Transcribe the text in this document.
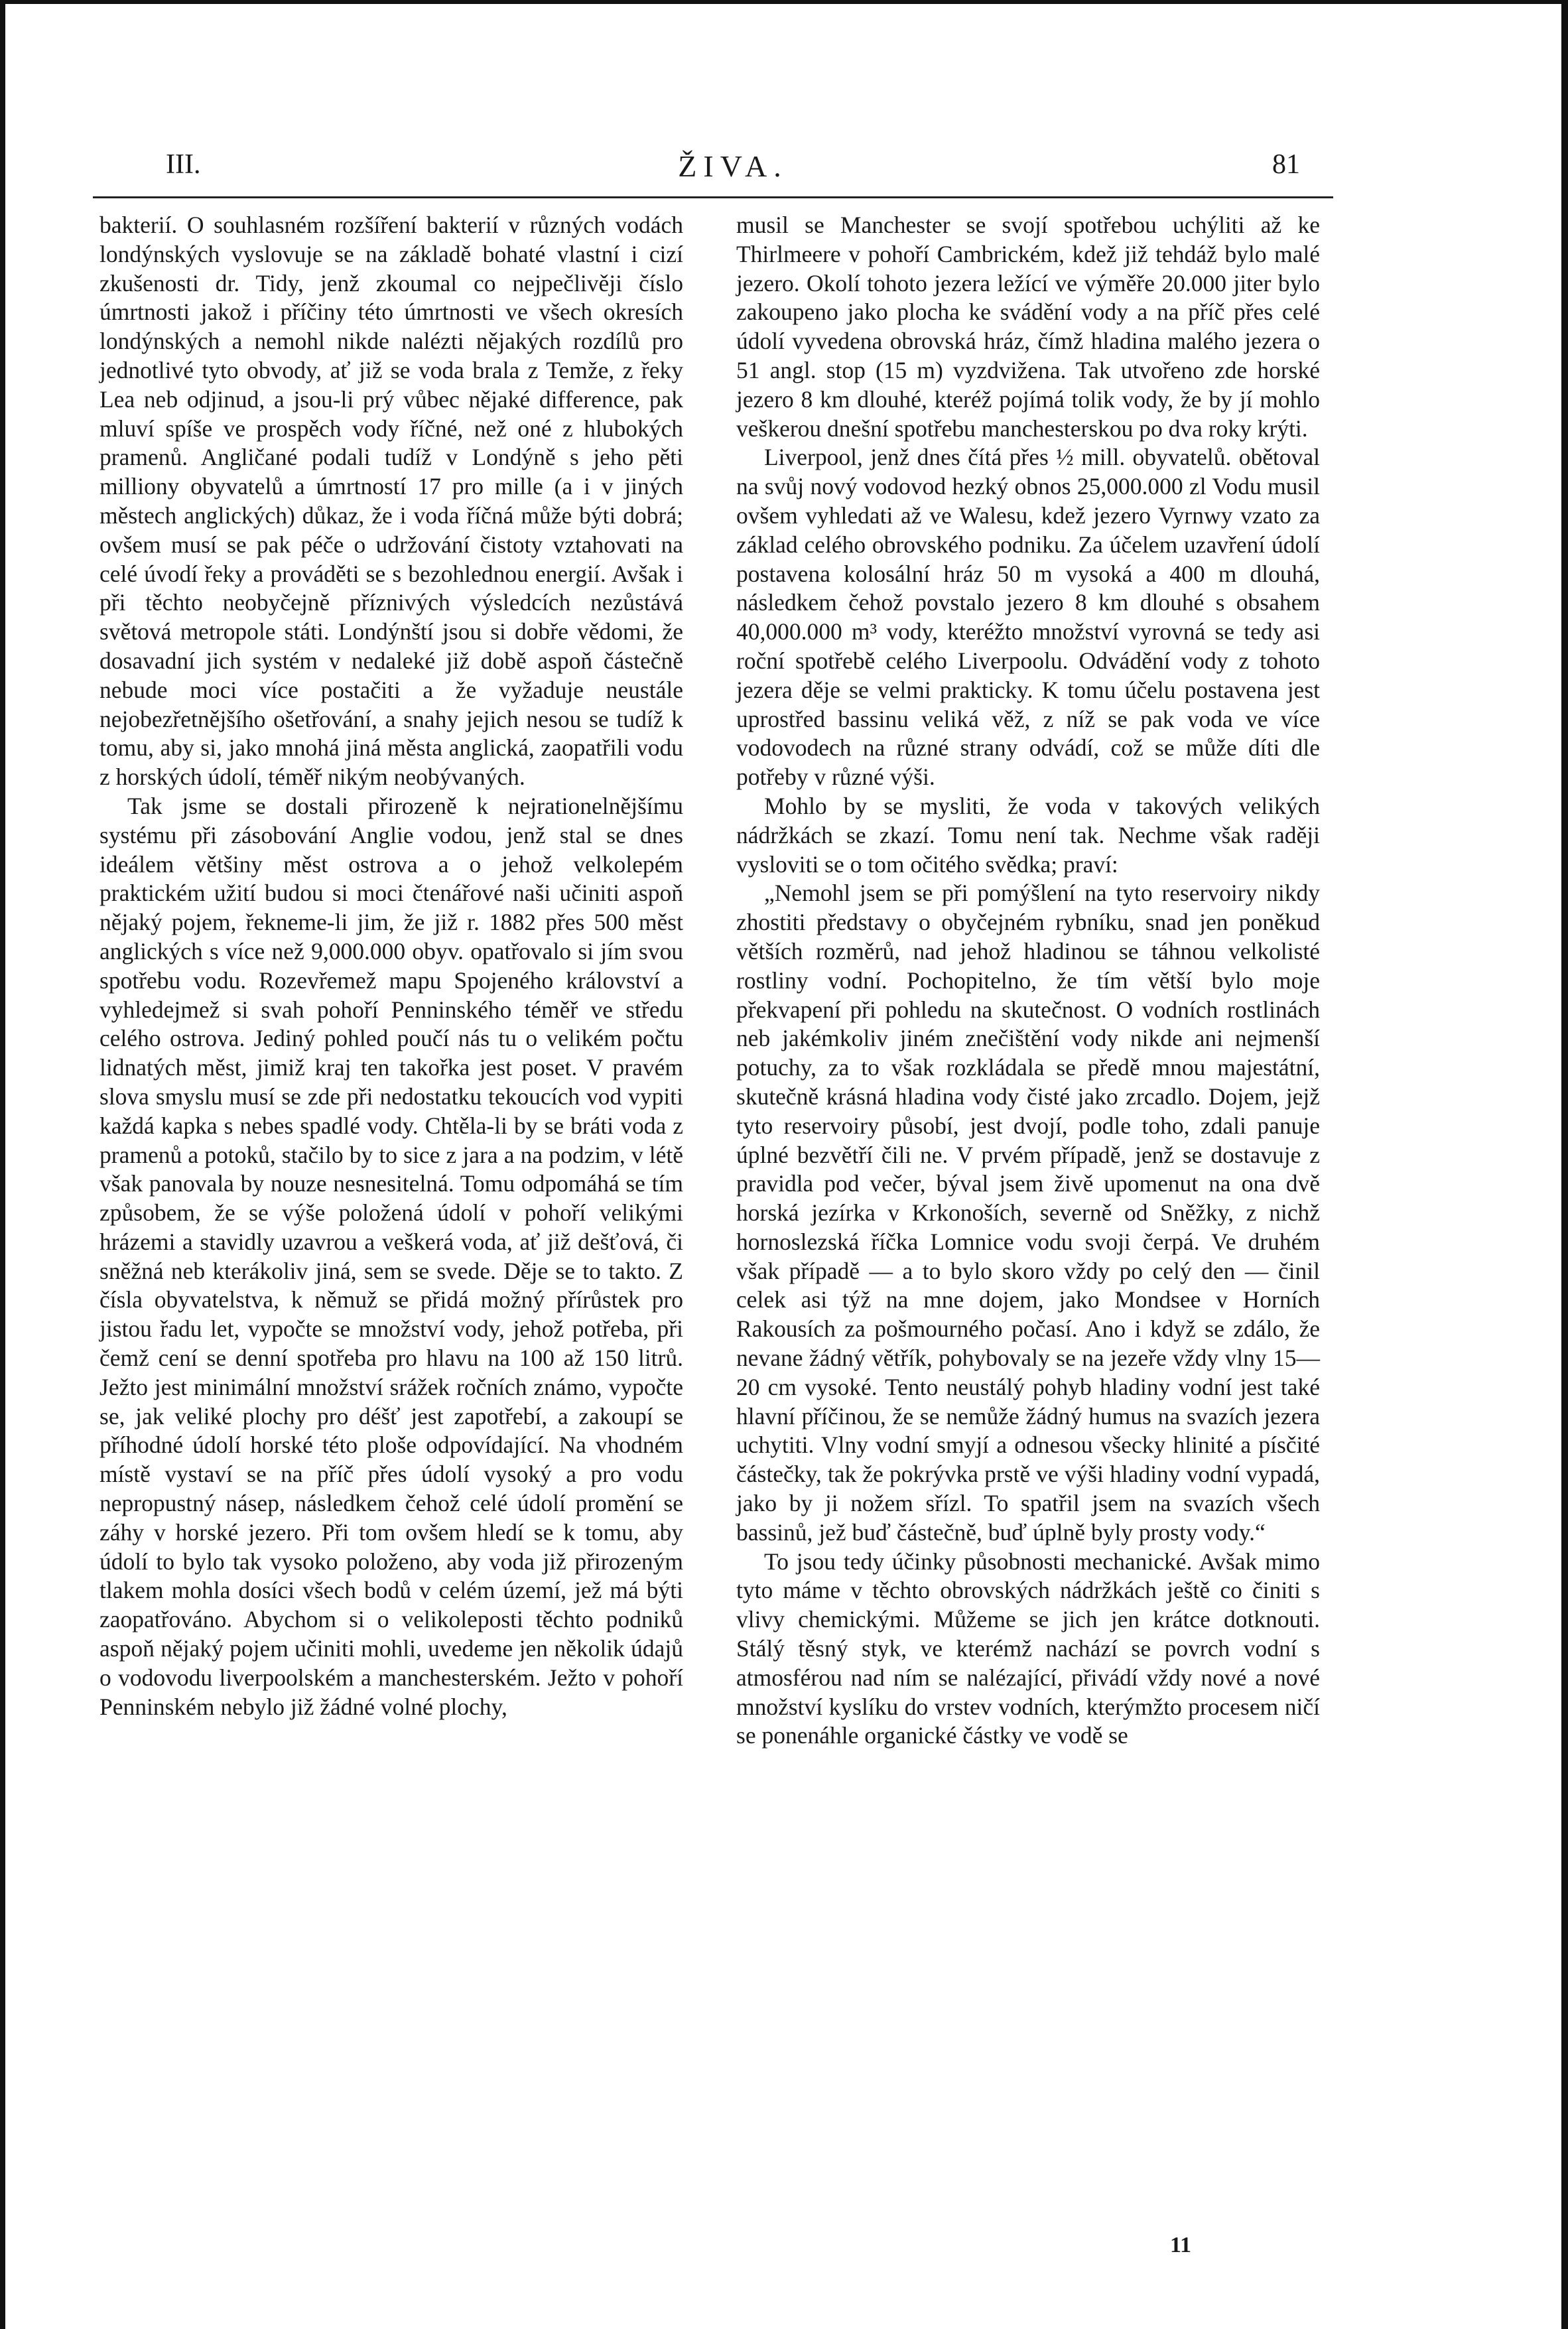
III.	ŽIVA.	81

bakterií. O souhlasném rozšíření bakterií v různých vodách londýnských vyslovuje se na základě bohaté vlastní i cizí zkušenosti dr. Tidy, jenž zkoumal co nejpečlivěji číslo úmrtnosti jakož i příčiny této úmrtnosti ve všech okresích londýnských a nemohl nikde nalézti nějakých rozdílů pro jednotlivé tyto obvody, ať již se voda brala z Temže, z řeky Lea neb odjinud, a jsou-li prý vůbec nějaké difference, pak mluví spíše ve prospěch vody říčné, než oné z hlubokých pramenů. Angličané podali tudíž v Londýně s jeho pěti milliony obyvatelů a úmrtností 17 pro mille (a i v jiných městech anglických) důkaz, že i voda říčná může býti dobrá; ovšem musí se pak péče o udržování čistoty vztahovati na celé úvodí řeky a prováděti se s bezohlednou energií. Avšak i při těchto neobyčejně příznivých výsledcích nezůstává světová metropole státi. Londýnští jsou si dobře vědomi, že dosavadní jich systém v nedaleké již době aspoň částečně nebude moci více postačiti a že vyžaduje neustále nejobezřetnějšího ošetřování, a snahy jejich nesou se tudíž k tomu, aby si, jako mnohá jiná města anglická, zaopatřili vodu z horských údolí, téměř nikým neobývaných.

Tak jsme se dostali přirozeně k nejrationelnějšímu systému při zásobování Anglie vodou, jenž stal se dnes ideálem většiny měst ostrova a o jehož velkolepém praktickém užití budou si moci čtenářové naši učiniti aspoň nějaký pojem, řekneme-li jim, že již r. 1882 přes 500 měst anglických s více než 9,000.000 obyv. opatřovalo si jím svou spotřebu vodu. Rozevřemež mapu Spojeného království a vyhledejmež si svah pohoří Penninského téměř ve středu celého ostrova. Jediný pohled poučí nás tu o velikém počtu lidnatých měst, jimiž kraj ten takořka jest poset. V pravém slova smyslu musí se zde při nedostatku tekoucích vod vypiti každá kapka s nebes spadlé vody. Chtěla-li by se bráti voda z pramenů a potoků, stačilo by to sice z jara a na podzim, v létě však panovala by nouze nesnesitelná. Tomu odpomáhá se tím způsobem, že se výše položená údolí v pohoří velikými hrázemi a stavidly uzavrou a veškerá voda, ať již dešťová, či sněžná neb kterákoliv jiná, sem se svede. Děje se to takto. Z čísla obyvatelstva, k němuž se přidá možný přírůstek pro jistou řadu let, vypočte se množství vody, jehož potřeba, při čemž cení se denní spotřeba pro hlavu na 100 až 150 litrů. Ježto jest minimální množství srážek ročních známo, vypočte se, jak veliké plochy pro déšť jest zapotřebí, a zakoupí se příhodné údolí horské této ploše odpovídající. Na vhodném místě vystaví se na příč přes údolí vysoký a pro vodu nepropustný násep, následkem čehož celé údolí promění se záhy v horské jezero. Při tom ovšem hledí se k tomu, aby údolí to bylo tak vysoko položeno, aby voda již přirozeným tlakem mohla dosíci všech bodů v celém území, jež má býti zaopatřováno. Abychom si o velikoleposti těchto podniků aspoň nějaký pojem učiniti mohli, uvedeme jen několik údajů o vodovodu liverpoolském a manchesterském. Ježto v pohoří Penninském nebylo již žádné volné plochy,

musil se Manchester se svojí spotřebou uchýliti až ke Thirlmeere v pohoří Cambrickém, kdež již tehdáž bylo malé jezero. Okolí tohoto jezera ležící ve výměře 20.000 jiter bylo zakoupeno jako plocha ke svádění vody a na příč přes celé údolí vyvedena obrovská hráz, čímž hladina malého jezera o 51 angl. stop (15 m) vyzdvižena. Tak utvořeno zde horské jezero 8 km dlouhé, kteréž pojímá tolik vody, že by jí mohlo veškerou dnešní spotřebu manchesterskou po dva roky krýti.

Liverpool, jenž dnes čítá přes ½ mill. obyvatelů. obětoval na svůj nový vodovod hezký obnos 25,000.000 zl Vodu musil ovšem vyhledati až ve Walesu, kdež jezero Vyrnwy vzato za základ celého obrovského podniku. Za účelem uzavření údolí postavena kolosální hráz 50 m vysoká a 400 m dlouhá, následkem čehož povstalo jezero 8 km dlouhé s obsahem 40,000.000 m³ vody, kteréžto množství vyrovná se tedy asi roční spotřebě celého Liverpoolu. Odvádění vody z tohoto jezera děje se velmi prakticky. K tomu účelu postavena jest uprostřed bassinu veliká věž, z níž se pak voda ve více vodovodech na různé strany odvádí, což se může díti dle potřeby v různé výši.

Mohlo by se mysliti, že voda v takových velikých nádržkách se zkazí. Tomu není tak. Nechme však raději vysloviti se o tom očitého svědka; praví:

„Nemohl jsem se při pomýšlení na tyto reservoiry nikdy zhostiti představy o obyčejném rybníku, snad jen poněkud větších rozměrů, nad jehož hladinou se táhnou velkolisté rostliny vodní. Pochopitelno, že tím větší bylo moje překvapení při pohledu na skutečnost. O vodních rostlinách neb jakémkoliv jiném znečištění vody nikde ani nejmenší potuchy, za to však rozkládala se předě mnou majestátní, skutečně krásná hladina vody čisté jako zrcadlo. Dojem, jejž tyto reservoiry působí, jest dvojí, podle toho, zdali panuje úplné bezvětří čili ne. V prvém případě, jenž se dostavuje z pravidla pod večer, býval jsem živě upomenut na ona dvě horská jezírka v Krkonoších, severně od Sněžky, z nichž hornoslezská říčka Lomnice vodu svoji čerpá. Ve druhém však případě — a to bylo skoro vždy po celý den — činil celek asi týž na mne dojem, jako Mondsee v Horních Rakousích za pošmourného počasí. Ano i když se zdálo, že nevane žádný větřík, pohybovaly se na jezeře vždy vlny 15—20 cm vysoké. Tento neustálý pohyb hladiny vodní jest také hlavní příčinou, že se nemůže žádný humus na svazích jezera uchytiti. Vlny vodní smyjí a odnesou všecky hlinité a písčité částečky, tak že pokrývka prstě ve výši hladiny vodní vypadá, jako by ji nožem sřízl. To spatřil jsem na svazích všech bassinů, jež buď částečně, buď úplně byly prosty vody.“

To jsou tedy účinky působnosti mechanické. Avšak mimo tyto máme v těchto obrovských nádržkách ještě co činiti s vlivy chemickými. Můžeme se jich jen krátce dotknouti. Stálý těsný styk, ve kterémž nachází se povrch vodní s atmosférou nad ním se nalézající, přivádí vždy nové a nové množství kyslíku do vrstev vodních, kterýmžto procesem ničí se ponenáhle organické částky ve vodě se

11
